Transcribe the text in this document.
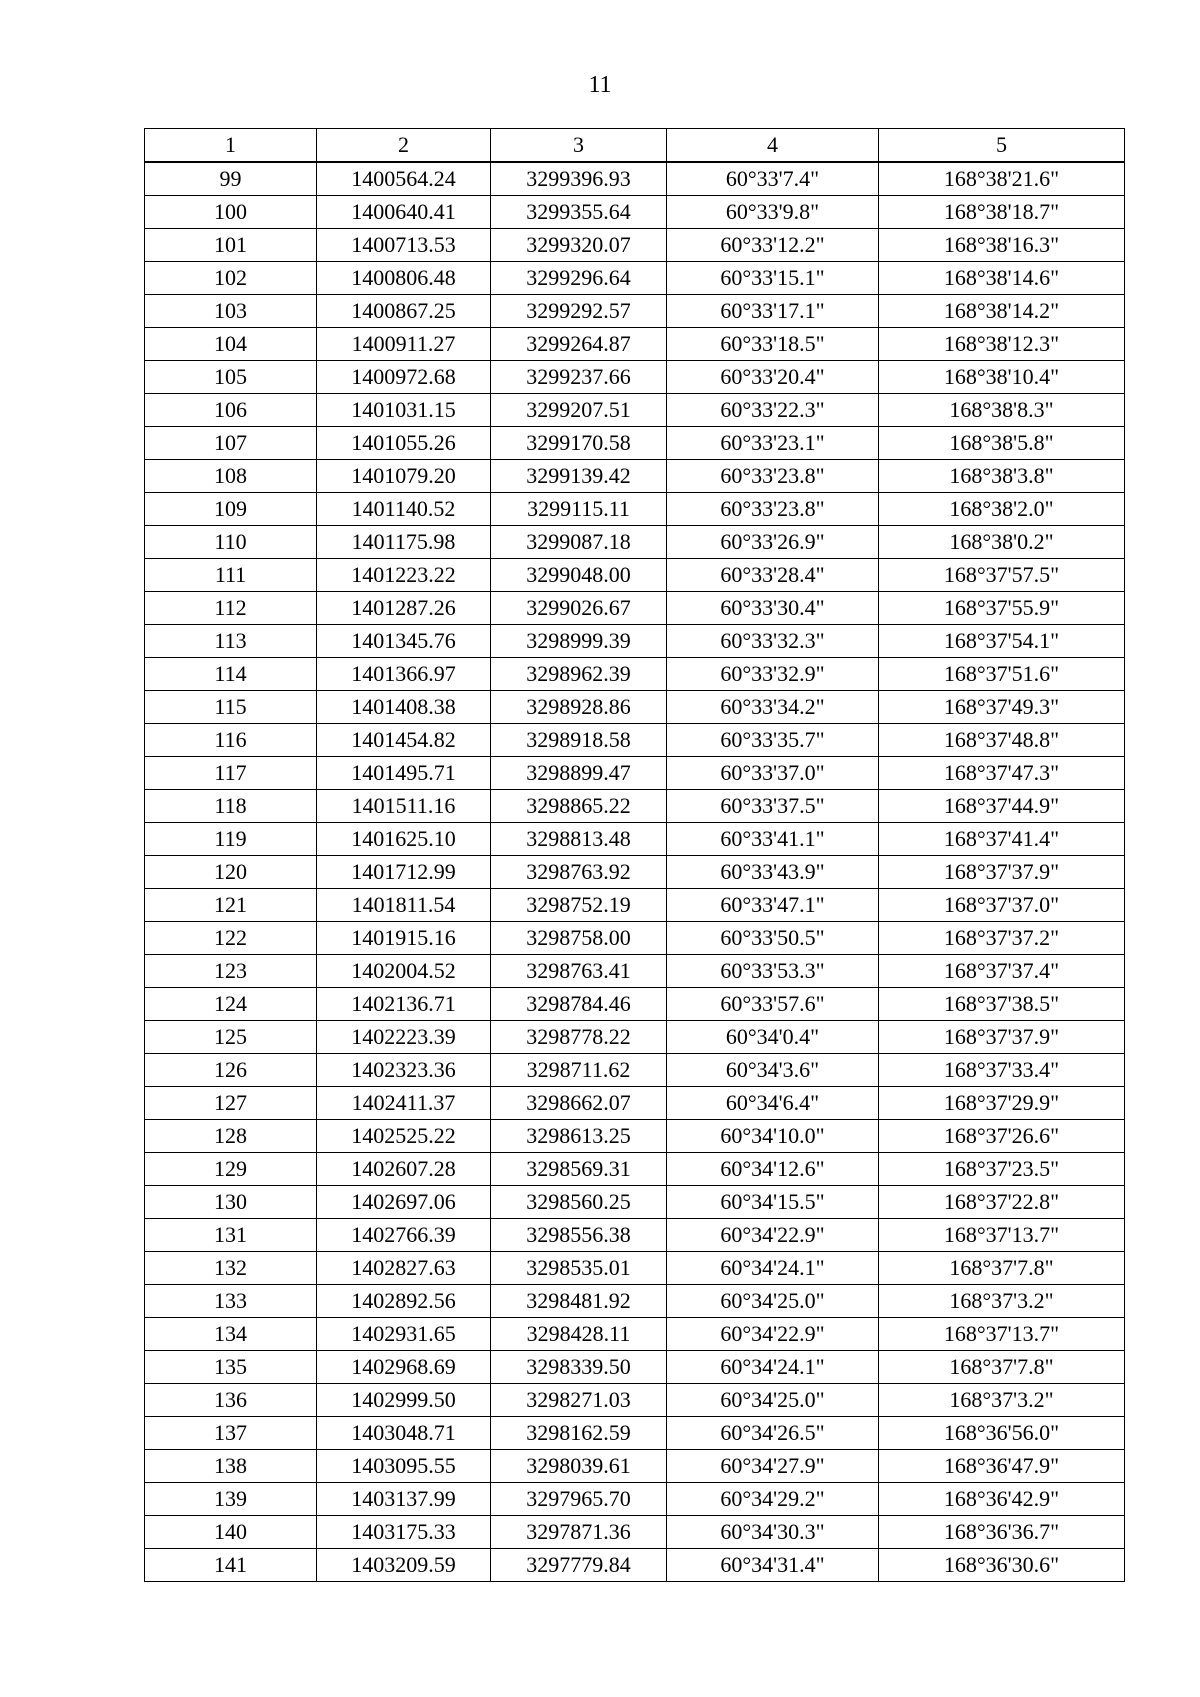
11
1	2	3	4	5
99	1400564.24	3299396.93	60°33'7.4"	168°38'21.6"
100	1400640.41	3299355.64	60°33'9.8"	168°38'18.7"
101	1400713.53	3299320.07	60°33'12.2"	168°38'16.3"
102	1400806.48	3299296.64	60°33'15.1"	168°38'14.6"
103	1400867.25	3299292.57	60°33'17.1"	168°38'14.2"
104	1400911.27	3299264.87	60°33'18.5"	168°38'12.3"
105	1400972.68	3299237.66	60°33'20.4"	168°38'10.4"
106	1401031.15	3299207.51	60°33'22.3"	168°38'8.3"
107	1401055.26	3299170.58	60°33'23.1"	168°38'5.8"
108	1401079.20	3299139.42	60°33'23.8"	168°38'3.8"
109	1401140.52	3299115.11	60°33'23.8"	168°38'2.0"
110	1401175.98	3299087.18	60°33'26.9"	168°38'0.2"
111	1401223.22	3299048.00	60°33'28.4"	168°37'57.5"
112	1401287.26	3299026.67	60°33'30.4"	168°37'55.9"
113	1401345.76	3298999.39	60°33'32.3"	168°37'54.1"
114	1401366.97	3298962.39	60°33'32.9"	168°37'51.6"
115	1401408.38	3298928.86	60°33'34.2"	168°37'49.3"
116	1401454.82	3298918.58	60°33'35.7"	168°37'48.8"
117	1401495.71	3298899.47	60°33'37.0"	168°37'47.3"
118	1401511.16	3298865.22	60°33'37.5"	168°37'44.9"
119	1401625.10	3298813.48	60°33'41.1"	168°37'41.4"
120	1401712.99	3298763.92	60°33'43.9"	168°37'37.9"
121	1401811.54	3298752.19	60°33'47.1"	168°37'37.0"
122	1401915.16	3298758.00	60°33'50.5"	168°37'37.2"
123	1402004.52	3298763.41	60°33'53.3"	168°37'37.4"
124	1402136.71	3298784.46	60°33'57.6"	168°37'38.5"
125	1402223.39	3298778.22	60°34'0.4"	168°37'37.9"
126	1402323.36	3298711.62	60°34'3.6"	168°37'33.4"
127	1402411.37	3298662.07	60°34'6.4"	168°37'29.9"
128	1402525.22	3298613.25	60°34'10.0"	168°37'26.6"
129	1402607.28	3298569.31	60°34'12.6"	168°37'23.5"
130	1402697.06	3298560.25	60°34'15.5"	168°37'22.8"
131	1402766.39	3298556.38	60°34'22.9"	168°37'13.7"
132	1402827.63	3298535.01	60°34'24.1"	168°37'7.8"
133	1402892.56	3298481.92	60°34'25.0"	168°37'3.2"
134	1402931.65	3298428.11	60°34'22.9"	168°37'13.7"
135	1402968.69	3298339.50	60°34'24.1"	168°37'7.8"
136	1402999.50	3298271.03	60°34'25.0"	168°37'3.2"
137	1403048.71	3298162.59	60°34'26.5"	168°36'56.0"
138	1403095.55	3298039.61	60°34'27.9"	168°36'47.9"
139	1403137.99	3297965.70	60°34'29.2"	168°36'42.9"
140	1403175.33	3297871.36	60°34'30.3"	168°36'36.7"
141	1403209.59	3297779.84	60°34'31.4"	168°36'30.6"
